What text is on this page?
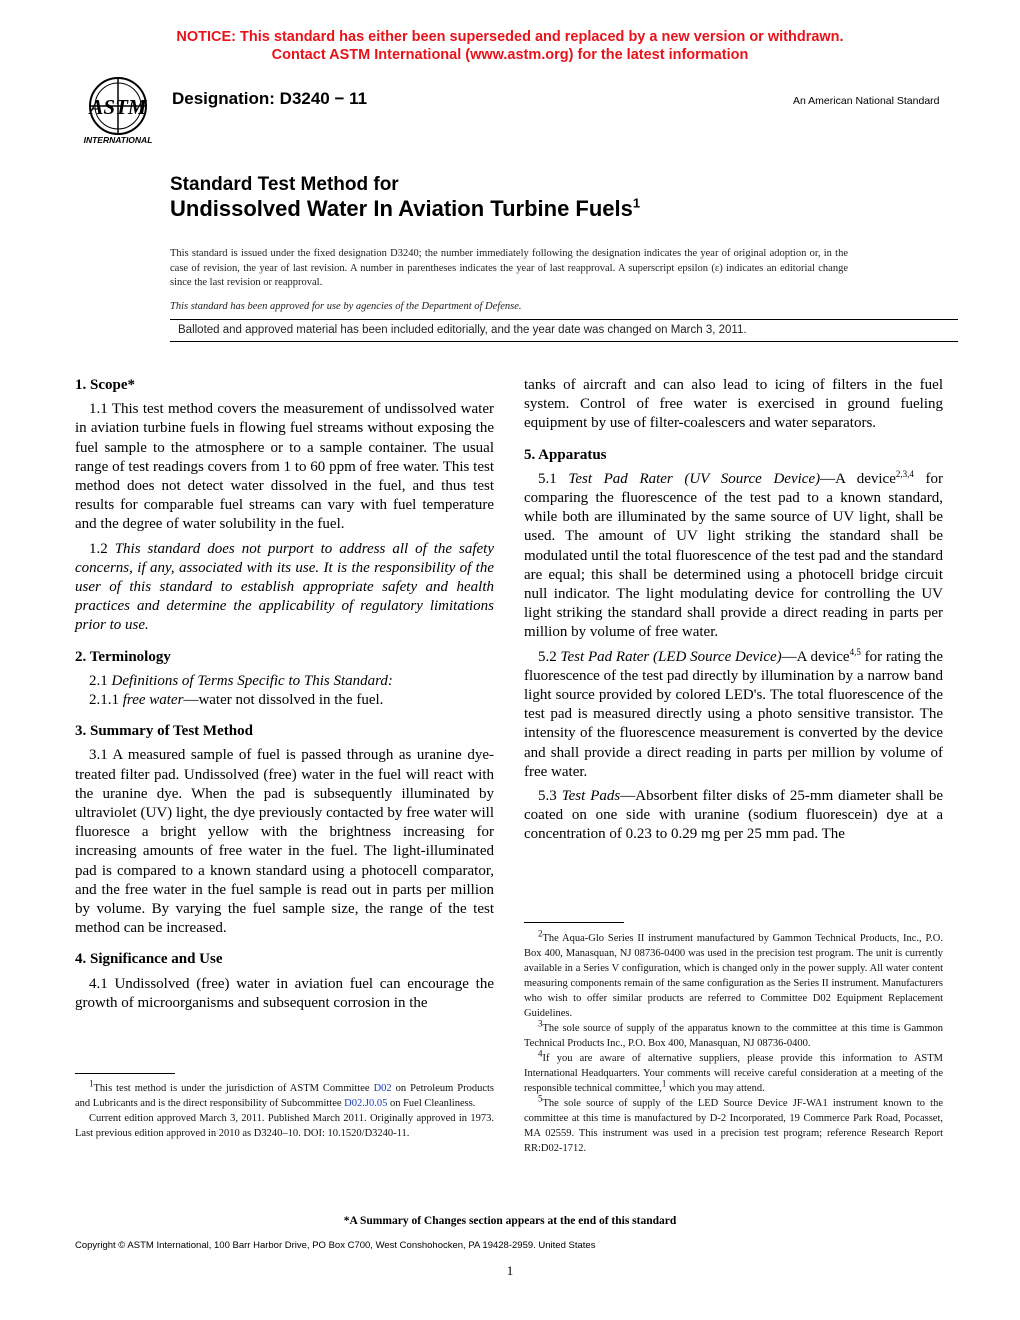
NOTICE: This standard has either been superseded and replaced by a new version or withdrawn.
Contact ASTM International (www.astm.org) for the latest information
ASTM
INTERNATIONAL
Designation: D3240 − 11	An American National Standard
Standard Test Method for
Undissolved Water In Aviation Turbine Fuels$^1$
This standard is issued under the fixed designation D3240; the number immediately following the designation indicates the year of original adoption or, in the case of revision, the year of last revision. A number in parentheses indicates the year of last reapproval. A superscript epsilon (ε) indicates an editorial change since the last revision or reapproval.
This standard has been approved for use by agencies of the Department of Defense.
Balloted and approved material has been included editorially, and the year date was changed on March 3, 2011.

1. Scope*

1.1 This test method covers the measurement of undissolved water in aviation turbine fuels in flowing fuel streams without exposing the fuel sample to the atmosphere or to a sample container. The usual range of test readings covers from 1 to 60 ppm of free water. This test method does not detect water dissolved in the fuel, and thus test results for comparable fuel streams can vary with fuel temperature and the degree of water solubility in the fuel.

1.2 This standard does not purport to address all of the safety concerns, if any, associated with its use. It is the responsibility of the user of this standard to establish appropriate safety and health practices and determine the applicability of regulatory limitations prior to use.

2. Terminology

2.1 Definitions of Terms Specific to This Standard:

2.1.1 free water—water not dissolved in the fuel.

3. Summary of Test Method

3.1 A measured sample of fuel is passed through as uranine dye-treated filter pad. Undissolved (free) water in the fuel will react with the uranine dye. When the pad is subsequently illuminated by ultraviolet (UV) light, the dye previously contacted by free water will fluoresce a bright yellow with the brightness increasing for increasing amounts of free water in the fuel. The light-illuminated pad is compared to a known standard using a photocell comparator, and the free water in the fuel sample is read out in parts per million by volume. By varying the fuel sample size, the range of the test method can be increased.

4. Significance and Use

4.1 Undissolved (free) water in aviation fuel can encourage the growth of microorganisms and subsequent corrosion in the

$^1$This test method is under the jurisdiction of ASTM Committee D02 on Petroleum Products and Lubricants and is the direct responsibility of Subcommittee D02.J0.05 on Fuel Cleanliness.

Current edition approved March 3, 2011. Published March 2011. Originally approved in 1973. Last previous edition approved in 2010 as D3240–10. DOI: 10.1520/D3240-11.

tanks of aircraft and can also lead to icing of filters in the fuel system. Control of free water is exercised in ground fueling equipment by use of filter-coalescers and water separators.

5. Apparatus

5.1 Test Pad Rater (UV Source Device)—A device$^{2,3,4}$ for comparing the fluorescence of the test pad to a known standard, while both are illuminated by the same source of UV light, shall be used. The amount of UV light striking the standard shall be modulated until the total fluorescence of the test pad and the standard are equal; this shall be determined using a photocell bridge circuit null indicator. The light modulating device for controlling the UV light striking the standard shall provide a direct reading in parts per million by volume of free water.

5.2 Test Pad Rater (LED Source Device)—A device$^{4,5}$ for rating the fluorescence of the test pad directly by illumination by a narrow band light source provided by colored LED's. The total fluorescence of the test pad is measured directly using a photo sensitive transistor. The intensity of the fluorescence measurement is converted by the device and shall provide a direct reading in parts per million by volume of free water.

5.3 Test Pads—Absorbent filter disks of 25-mm diameter shall be coated on one side with uranine (sodium fluorescein) dye at a concentration of 0.23 to 0.29 mg per 25 mm pad. The

$^2$The Aqua-Glo Series II instrument manufactured by Gammon Technical Products, Inc., P.O. Box 400, Manasquan, NJ 08736-0400 was used in the precision test program. The unit is currently available in a Series V configuration, which is changed only in the power supply. All water content measuring components remain of the same configuration as the Series II instrument. Manufacturers who wish to offer similar products are referred to Committee D02 Equipment Replacement Guidelines.

$^3$The sole source of supply of the apparatus known to the committee at this time is Gammon Technical Products Inc., P.O. Box 400, Manasquan, NJ 08736-0400.

$^4$If you are aware of alternative suppliers, please provide this information to ASTM International Headquarters. Your comments will receive careful consideration at a meeting of the responsible technical committee,$^1$ which you may attend.

$^5$The sole source of supply of the LED Source Device JF-WA1 instrument known to the committee at this time is manufactured by D-2 Incorporated, 19 Commerce Park Road, Pocasset, MA 02559. This instrument was used in a precision test program; reference Research Report RR:D02-1712.

*A Summary of Changes section appears at the end of this standard
Copyright © ASTM International, 100 Barr Harbor Drive, PO Box C700, West Conshohocken, PA 19428-2959. United States
1
